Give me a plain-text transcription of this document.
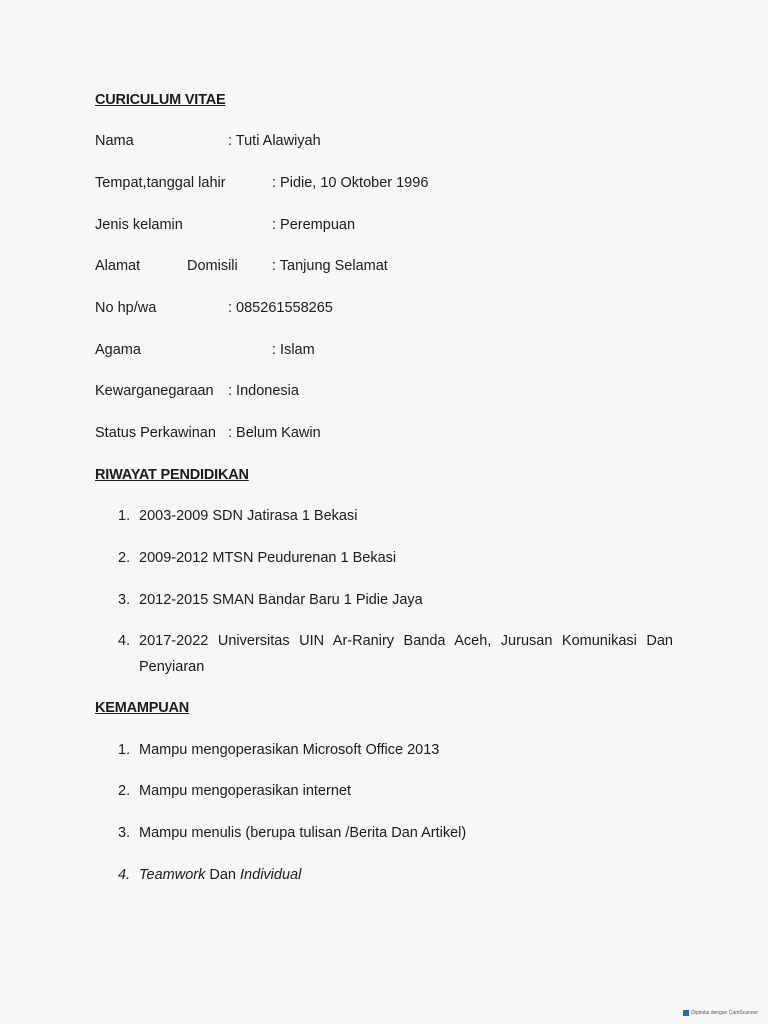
CURICULUM VITAE
Nama	: Tuti Alawiyah
Tempat,tanggal lahir	: Pidie, 10 Oktober 1996
Jenis kelamin	: Perempuan
Alamat	Domisili : Tanjung Selamat
No hp/wa	: 085261558265
Agama	: Islam
Kewarganegaraan : Indonesia
Status Perkawinan : Belum Kawin
RIWAYAT PENDIDIKAN
1. 2003-2009 SDN Jatirasa 1 Bekasi
2. 2009-2012 MTSN Peudurenan 1 Bekasi
3. 2012-2015 SMAN Bandar Baru 1 Pidie Jaya
4. 2017-2022 Universitas UIN Ar-Raniry Banda Aceh, Jurusan Komunikasi Dan
Penyiaran
KEMAMPUAN
1. Mampu mengoperasikan Microsoft Office 2013
2. Mampu mengoperasikan internet
3. Mampu menulis (berupa tulisan /Berita Dan Artikel)
4. Teamwork Dan Individual
Dipindai dengan CamScanner
